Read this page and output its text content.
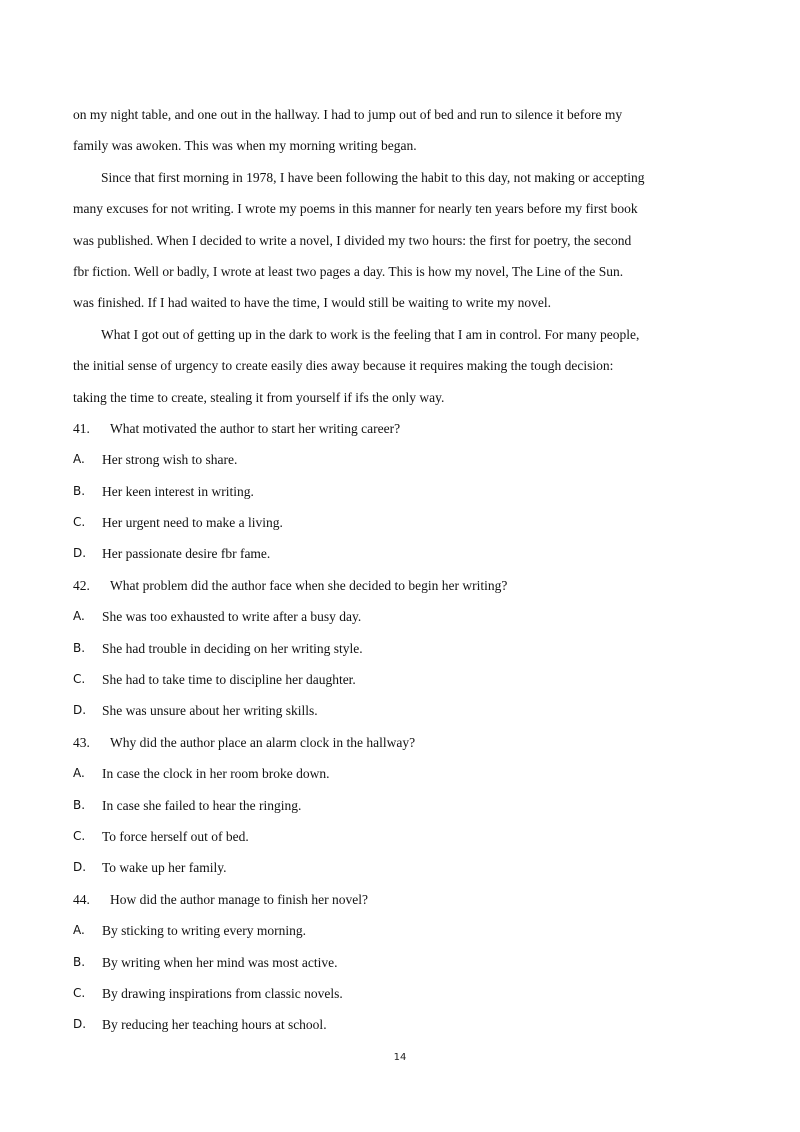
on my night table, and one out in the hallway. I had to jump out of bed and run to silence it before my
family was awoken. This was when my morning writing began.
Since that first morning in 1978, I have been following the habit to this day, not making or accepting
many excuses for not writing. I wrote my poems in this manner for nearly ten years before my first book
was published. When I decided to write a novel, I divided my two hours: the first for poetry, the second
fbr fiction. Well or badly, I wrote at least two pages a day. This is how my novel, The Line of the Sun.
was finished. If I had waited to have the time, I would still be waiting to write my novel.
What I got out of getting up in the dark to work is the feeling that I am in control. For many people,
the initial sense of urgency to create easily dies away because it requires making the tough decision:
taking the time to create, stealing it from yourself if ifs the only way.
41.	What motivated the author to start her writing career?
A.	Her strong wish to share.
B.	Her keen interest in writing.
C.	Her urgent need to make a living.
D.	Her passionate desire fbr fame.
42.	What problem did the author face when she decided to begin her writing?
A.	She was too exhausted to write after a busy day.
B.	She had trouble in deciding on her writing style.
C.	She had to take time to discipline her daughter.
D.	She was unsure about her writing skills.
43.	Why did the author place an alarm clock in the hallway?
A.	In case the clock in her room broke down.
B.	In case she failed to hear the ringing.
C.	To force herself out of bed.
D.	To wake up her family.
44.	How did the author manage to finish her novel?
A.	By sticking to writing every morning.
B.	By writing when her mind was most active.
C.	By drawing inspirations from classic novels.
D.	By reducing her teaching hours at school.
14
